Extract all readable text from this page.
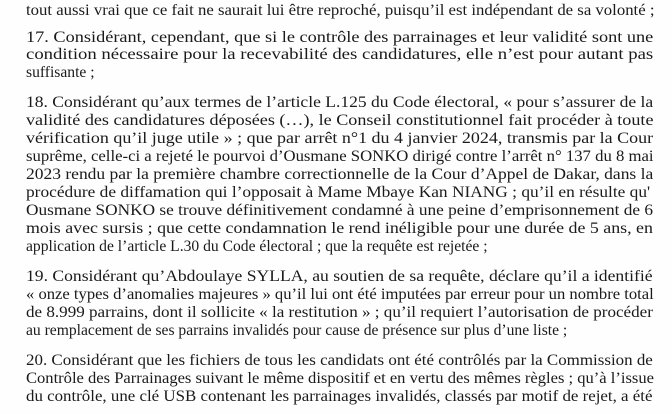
tout aussi vrai que ce fait ne saurait lui être reproché, puisqu’il est indépendant de sa volonté ;
17. Considérant, cependant, que si le contrôle des parrainages et leur validité sont une
condition nécessaire pour la recevabilité des candidatures, elle n’est pour autant pas
suffisante ;
18. Considérant qu’aux termes de l’article L.125 du Code électoral, « pour s’assurer de la
validité des candidatures déposées (…), le Conseil constitutionnel fait procéder à toute
vérification qu’il juge utile » ; que par arrêt n°1 du 4 janvier 2024, transmis par la Cour
suprême, celle-ci a rejeté le pourvoi d’Ousmane SONKO dirigé contre l’arrêt n° 137 du 8 mai
2023 rendu par la première chambre correctionnelle de la Cour d’Appel de Dakar, dans la
procédure de diffamation qui l’opposait à Mame Mbaye Kan NIANG ; qu’il en résulte qu'
Ousmane SONKO se trouve définitivement condamné à une peine d’emprisonnement de 6
mois avec sursis ; que cette condamnation le rend inéligible pour une durée de 5 ans, en
application de l’article L.30 du Code électoral ; que la requête est rejetée ;
19. Considérant qu’Abdoulaye SYLLA, au soutien de sa requête, déclare qu’il a identifié
« onze types d’anomalies majeures » qu’il lui ont été imputées par erreur pour un nombre total
de 8.999 parrains, dont il sollicite « la restitution » ; qu’il requiert l’autorisation de procéder
au remplacement de ses parrains invalidés pour cause de présence sur plus d’une liste ;
20. Considérant que les fichiers de tous les candidats ont été contrôlés par la Commission de
Contrôle des Parrainages suivant le même dispositif et en vertu des mêmes règles ; qu’à l’issue
du contrôle, une clé USB contenant les parrainages invalidés, classés par motif de rejet, a été
